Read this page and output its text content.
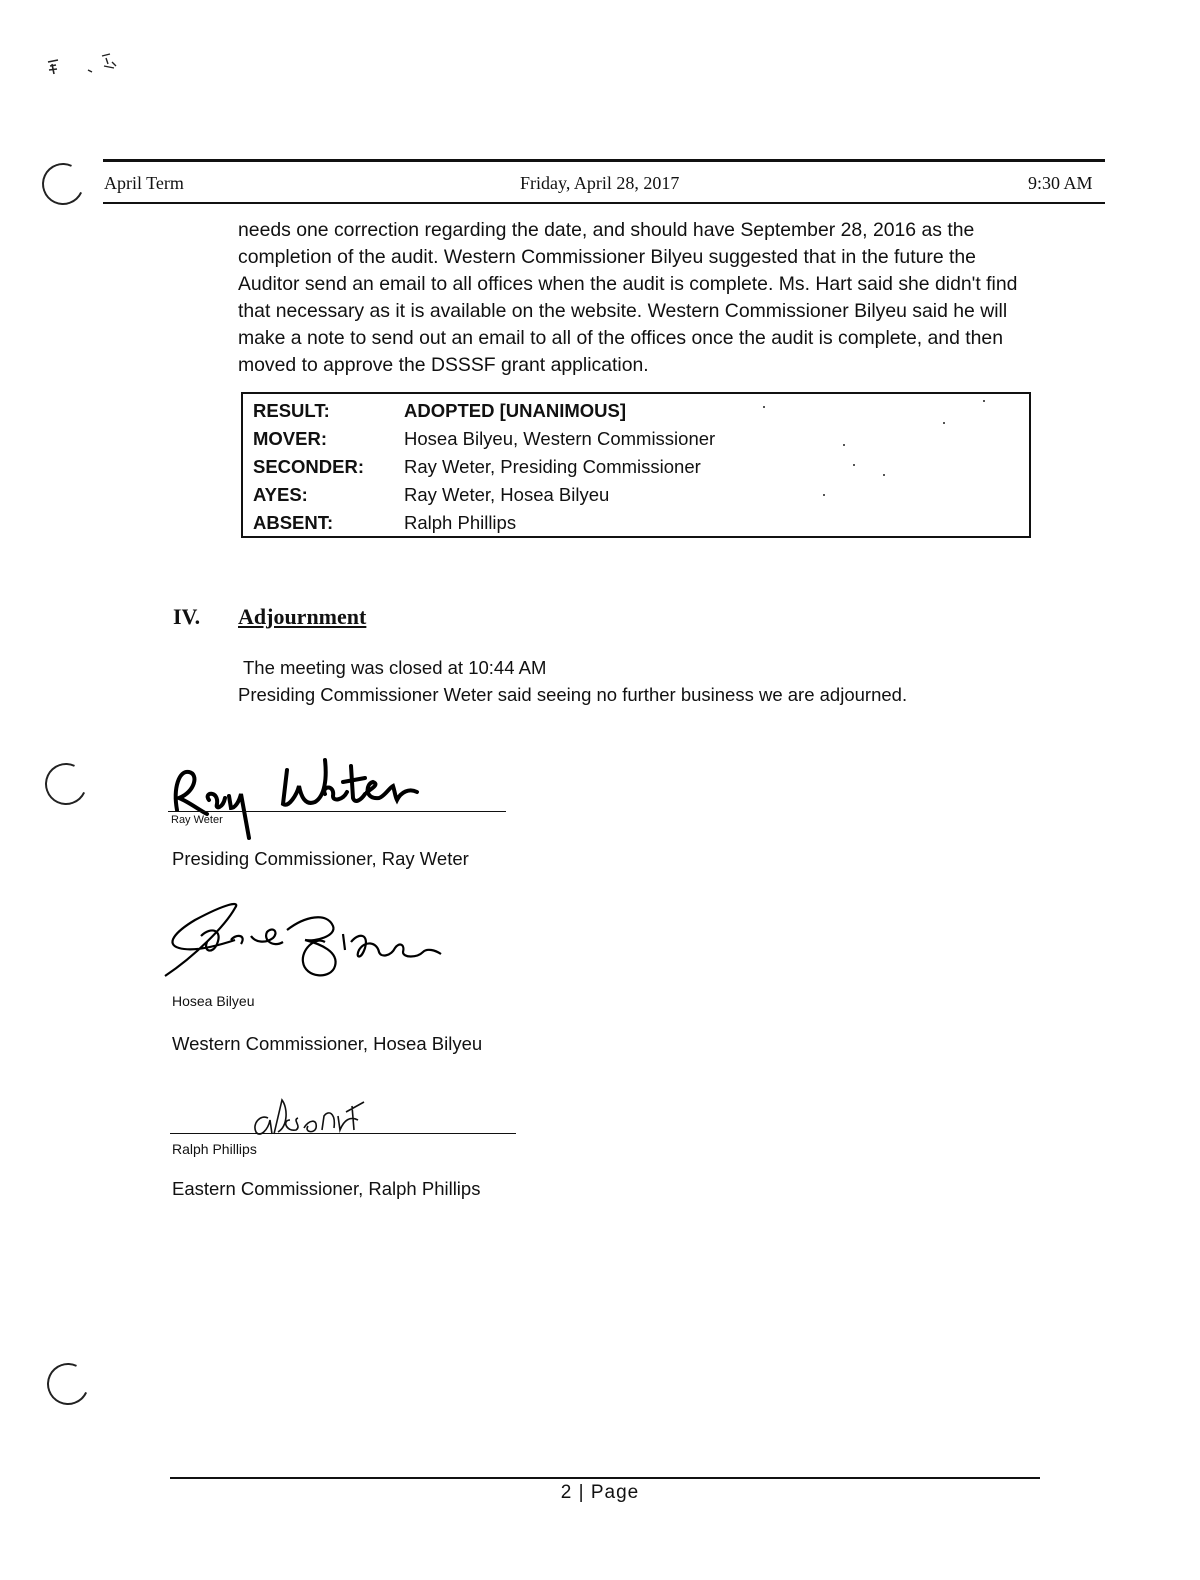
April Term	Friday, April 28, 2017	9:30 AM
needs one correction regarding the date, and should have September 28, 2016 as the completion of the audit. Western Commissioner Bilyeu suggested that in the future the Auditor send an email to all offices when the audit is complete. Ms. Hart said she didn't find that necessary as it is available on the website. Western Commissioner Bilyeu said he will make a note to send out an email to all of the offices once the audit is complete, and then moved to approve the DSSSF grant application.
RESULT:	ADOPTED [UNANIMOUS]
MOVER:	Hosea Bilyeu, Western Commissioner
SECONDER: Ray Weter, Presiding Commissioner
AYES:	Ray Weter, Hosea Bilyeu
ABSENT:	Ralph Phillips
IV. Adjournment
The meeting was closed at 10:44 AM
Presiding Commissioner Weter said seeing no further business we are adjourned.
Ray Weter
Presiding Commissioner, Ray Weter
Hosea Bilyeu
Western Commissioner, Hosea Bilyeu
Ralph Phillips
Eastern Commissioner, Ralph Phillips
2 | Page
